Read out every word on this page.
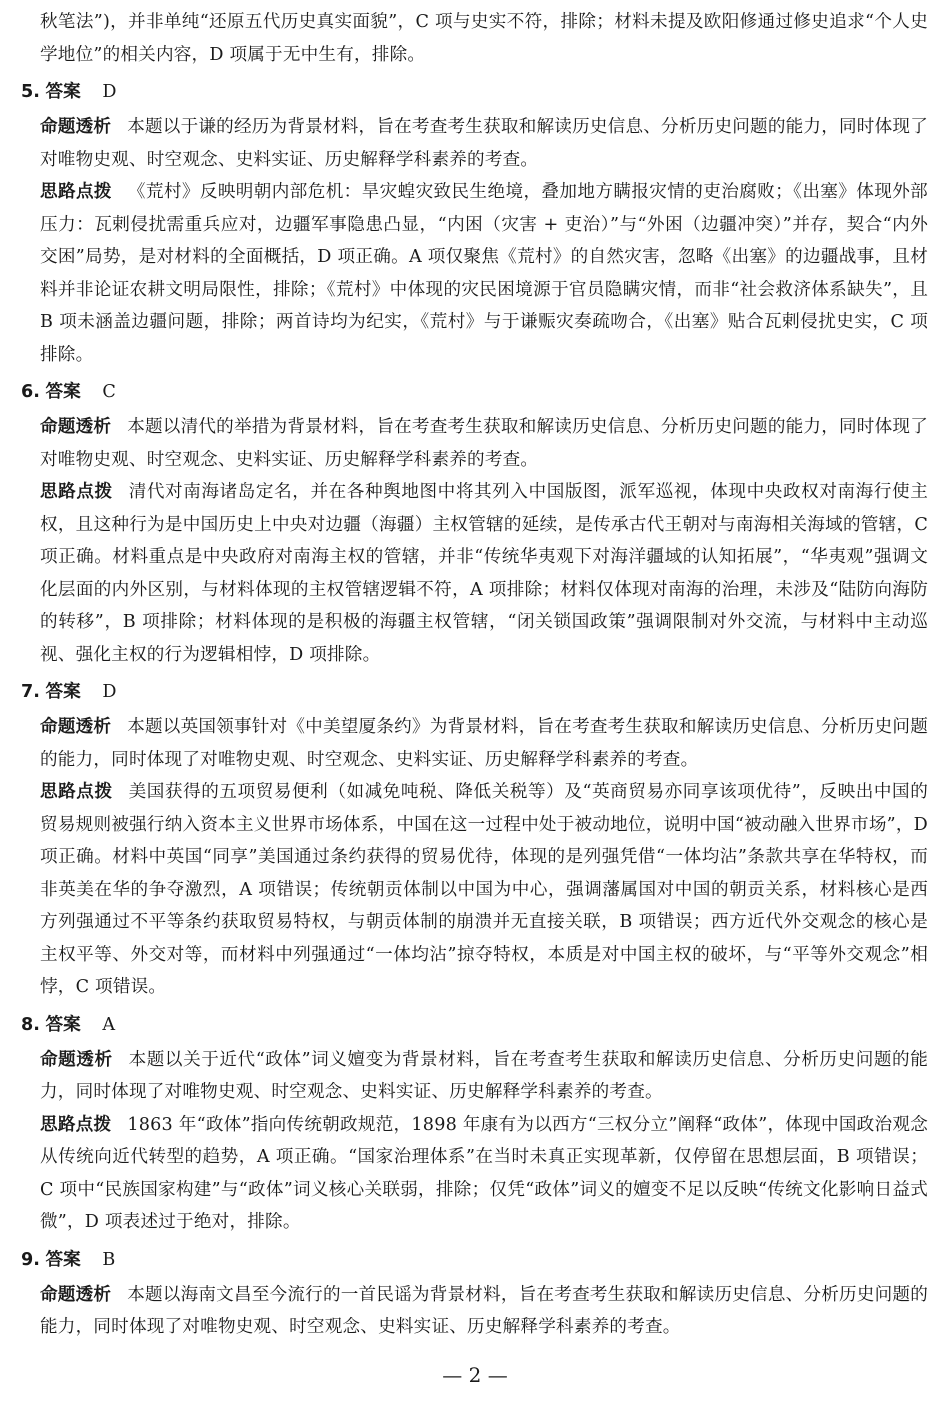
秋笔法”)，并非单纯“还原五代历史真实面貌”，C 项与史实不符，排除；材料未提及欧阳修通过修史追求“个人史学地位”的相关内容，D 项属于无中生有，排除。

5. 答案 D

命题透析 本题以于谦的经历为背景材料，旨在考查考生获取和解读历史信息、分析历史问题的能力，同时体现了对唯物史观、时空观念、史料实证、历史解释学科素养的考查。

思路点拨 《荒村》反映明朝内部危机：旱灾蝗灾致民生绝境，叠加地方瞒报灾情的吏治腐败；《出塞》体现外部压力：瓦剌侵扰需重兵应对，边疆军事隐患凸显，“内困（灾害 + 吏治）”与“外困（边疆冲突）”并存，契合“内外交困”局势，是对材料的全面概括，D 项正确。A 项仅聚焦《荒村》的自然灾害，忽略《出塞》的边疆战事，且材料并非论证农耕文明局限性，排除；《荒村》中体现的灾民困境源于官员隐瞒灾情，而非“社会救济体系缺失”，且 B 项未涵盖边疆问题，排除；两首诗均为纪实，《荒村》与于谦赈灾奏疏吻合，《出塞》贴合瓦剌侵扰史实，C 项排除。

6. 答案 C

命题透析 本题以清代的举措为背景材料，旨在考查考生获取和解读历史信息、分析历史问题的能力，同时体现了对唯物史观、时空观念、史料实证、历史解释学科素养的考查。

思路点拨 清代对南海诸岛定名，并在各种舆地图中将其列入中国版图，派军巡视，体现中央政权对南海行使主权，且这种行为是中国历史上中央对边疆（海疆）主权管辖的延续，是传承古代王朝对与南海相关海域的管辖，C 项正确。材料重点是中央政府对南海主权的管辖，并非“传统华夷观下对海洋疆域的认知拓展”，“华夷观”强调文化层面的内外区别，与材料体现的主权管辖逻辑不符，A 项排除；材料仅体现对南海的治理，未涉及“陆防向海防的转移”，B 项排除；材料体现的是积极的海疆主权管辖，“闭关锁国政策”强调限制对外交流，与材料中主动巡视、强化主权的行为逻辑相悖，D 项排除。

7. 答案 D

命题透析 本题以英国领事针对《中美望厦条约》为背景材料，旨在考查考生获取和解读历史信息、分析历史问题的能力，同时体现了对唯物史观、时空观念、史料实证、历史解释学科素养的考查。

思路点拨 美国获得的五项贸易便利（如减免吨税、降低关税等）及“英商贸易亦同享该项优待”，反映出中国的贸易规则被强行纳入资本主义世界市场体系，中国在这一过程中处于被动地位，说明中国“被动融入世界市场”，D 项正确。材料中英国“同享”美国通过条约获得的贸易优待，体现的是列强凭借“一体均沾”条款共享在华特权，而非英美在华的争夺激烈，A 项错误；传统朝贡体制以中国为中心，强调藩属国对中国的朝贡关系，材料核心是西方列强通过不平等条约获取贸易特权，与朝贡体制的崩溃并无直接关联，B 项错误；西方近代外交观念的核心是主权平等、外交对等，而材料中列强通过“一体均沾”掠夺特权，本质是对中国主权的破坏，与“平等外交观念”相悖，C 项错误。

8. 答案 A

命题透析 本题以关于近代“政体”词义嬗变为背景材料，旨在考查考生获取和解读历史信息、分析历史问题的能力，同时体现了对唯物史观、时空观念、史料实证、历史解释学科素养的考查。

思路点拨 1863 年“政体”指向传统朝政规范，1898 年康有为以西方“三权分立”阐释“政体”，体现中国政治观念从传统向近代转型的趋势，A 项正确。“国家治理体系”在当时未真正实现革新，仅停留在思想层面，B 项错误；C 项中“民族国家构建”与“政体”词义核心关联弱，排除；仅凭“政体”词义的嬗变不足以反映“传统文化影响日益式微”，D 项表述过于绝对，排除。

9. 答案 B

命题透析 本题以海南文昌至今流行的一首民谣为背景材料，旨在考查考生获取和解读历史信息、分析历史问题的能力，同时体现了对唯物史观、时空观念、史料实证、历史解释学科素养的考查。

— 2 —
